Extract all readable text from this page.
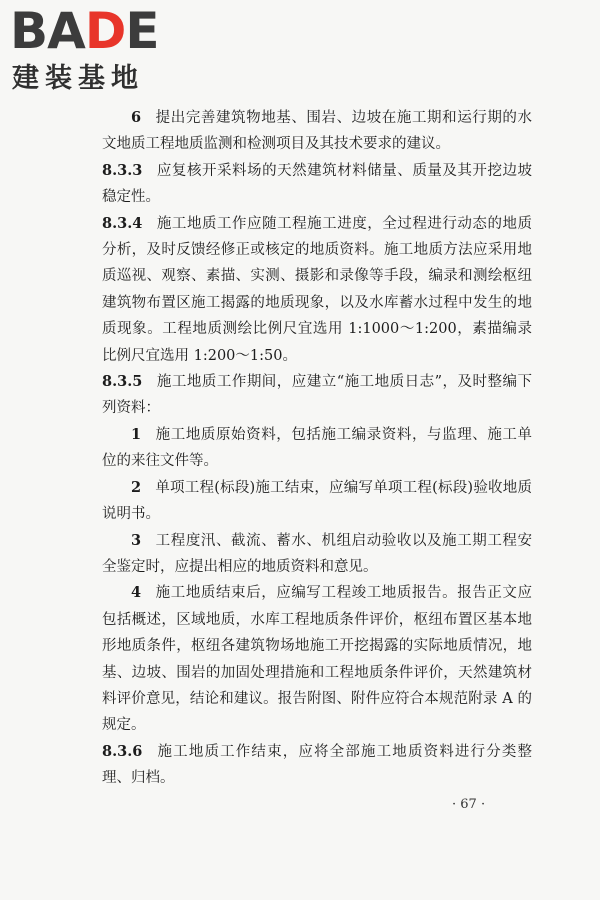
BADE
建装基地

6 提出完善建筑物地基、围岩、边坡在施工期和运行期的水文地质工程地质监测和检测项目及其技术要求的建议。

8.3.3 应复核开采料场的天然建筑材料储量、质量及其开挖边坡稳定性。

8.3.4 施工地质工作应随工程施工进度，全过程进行动态的地质分析，及时反馈经修正或核定的地质资料。施工地质方法应采用地质巡视、观察、素描、实测、摄影和录像等手段，编录和测绘枢纽建筑物布置区施工揭露的地质现象，以及水库蓄水过程中发生的地质现象。工程地质测绘比例尺宜选用 1:1000～1:200，素描编录比例尺宜选用 1:200～1:50。

8.3.5 施工地质工作期间，应建立“施工地质日志”，及时整编下列资料：

1 施工地质原始资料，包括施工编录资料，与监理、施工单位的来往文件等。

2 单项工程(标段)施工结束，应编写单项工程(标段)验收地质说明书。

3 工程度汛、截流、蓄水、机组启动验收以及施工期工程安全鉴定时，应提出相应的地质资料和意见。

4 施工地质结束后，应编写工程竣工地质报告。报告正文应包括概述，区域地质，水库工程地质条件评价，枢纽布置区基本地形地质条件，枢纽各建筑物场地施工开挖揭露的实际地质情况，地基、边坡、围岩的加固处理措施和工程地质条件评价，天然建筑材料评价意见，结论和建议。报告附图、附件应符合本规范附录 A 的规定。

8.3.6 施工地质工作结束，应将全部施工地质资料进行分类整理、归档。

· 67 ·
